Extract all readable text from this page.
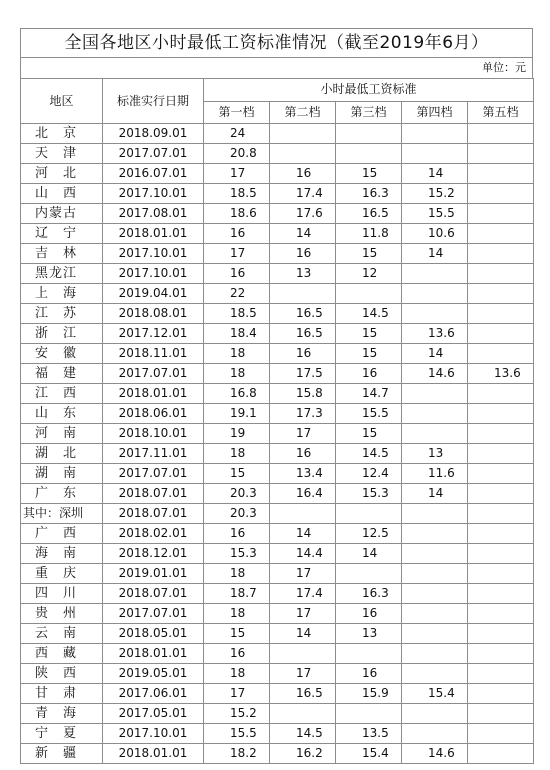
全国各地区小时最低工资标准情况（截至2019年6月）
单位：元
地区	标准实行日期	小时最低工资标准				
		第一档	第二档	第三档	第四档	第五档
北　京	2018.09.01	24				
天　津	2017.07.01	20.8				
河　北	2016.07.01	17	16	15	14	
山　西	2017.10.01	18.5	17.4	16.3	15.2	
内蒙古	2017.08.01	18.6	17.6	16.5	15.5	
辽　宁	2018.01.01	16	14	11.8	10.6	
吉　林	2017.10.01	17	16	15	14	
黑龙江	2017.10.01	16	13	12		
上　海	2019.04.01	22				
江　苏	2018.08.01	18.5	16.5	14.5		
浙　江	2017.12.01	18.4	16.5	15	13.6	
安　徽	2018.11.01	18	16	15	14	
福　建	2017.07.01	18	17.5	16	14.6	13.6
江　西	2018.01.01	16.8	15.8	14.7		
山　东	2018.06.01	19.1	17.3	15.5		
河　南	2018.10.01	19	17	15		
湖　北	2017.11.01	18	16	14.5	13	
湖　南	2017.07.01	15	13.4	12.4	11.6	
广　东	2018.07.01	20.3	16.4	15.3	14	
其中：深圳	2018.07.01	20.3				
广　西	2018.02.01	16	14	12.5		
海　南	2018.12.01	15.3	14.4	14		
重　庆	2019.01.01	18	17			
四　川	2018.07.01	18.7	17.4	16.3		
贵　州	2017.07.01	18	17	16		
云　南	2018.05.01	15	14	13		
西　藏	2018.01.01	16				
陕　西	2019.05.01	18	17	16		
甘　肃	2017.06.01	17	16.5	15.9	15.4	
青　海	2017.05.01	15.2				
宁　夏	2017.10.01	15.5	14.5	13.5		
新　疆	2018.01.01	18.2	16.2	15.4	14.6	
